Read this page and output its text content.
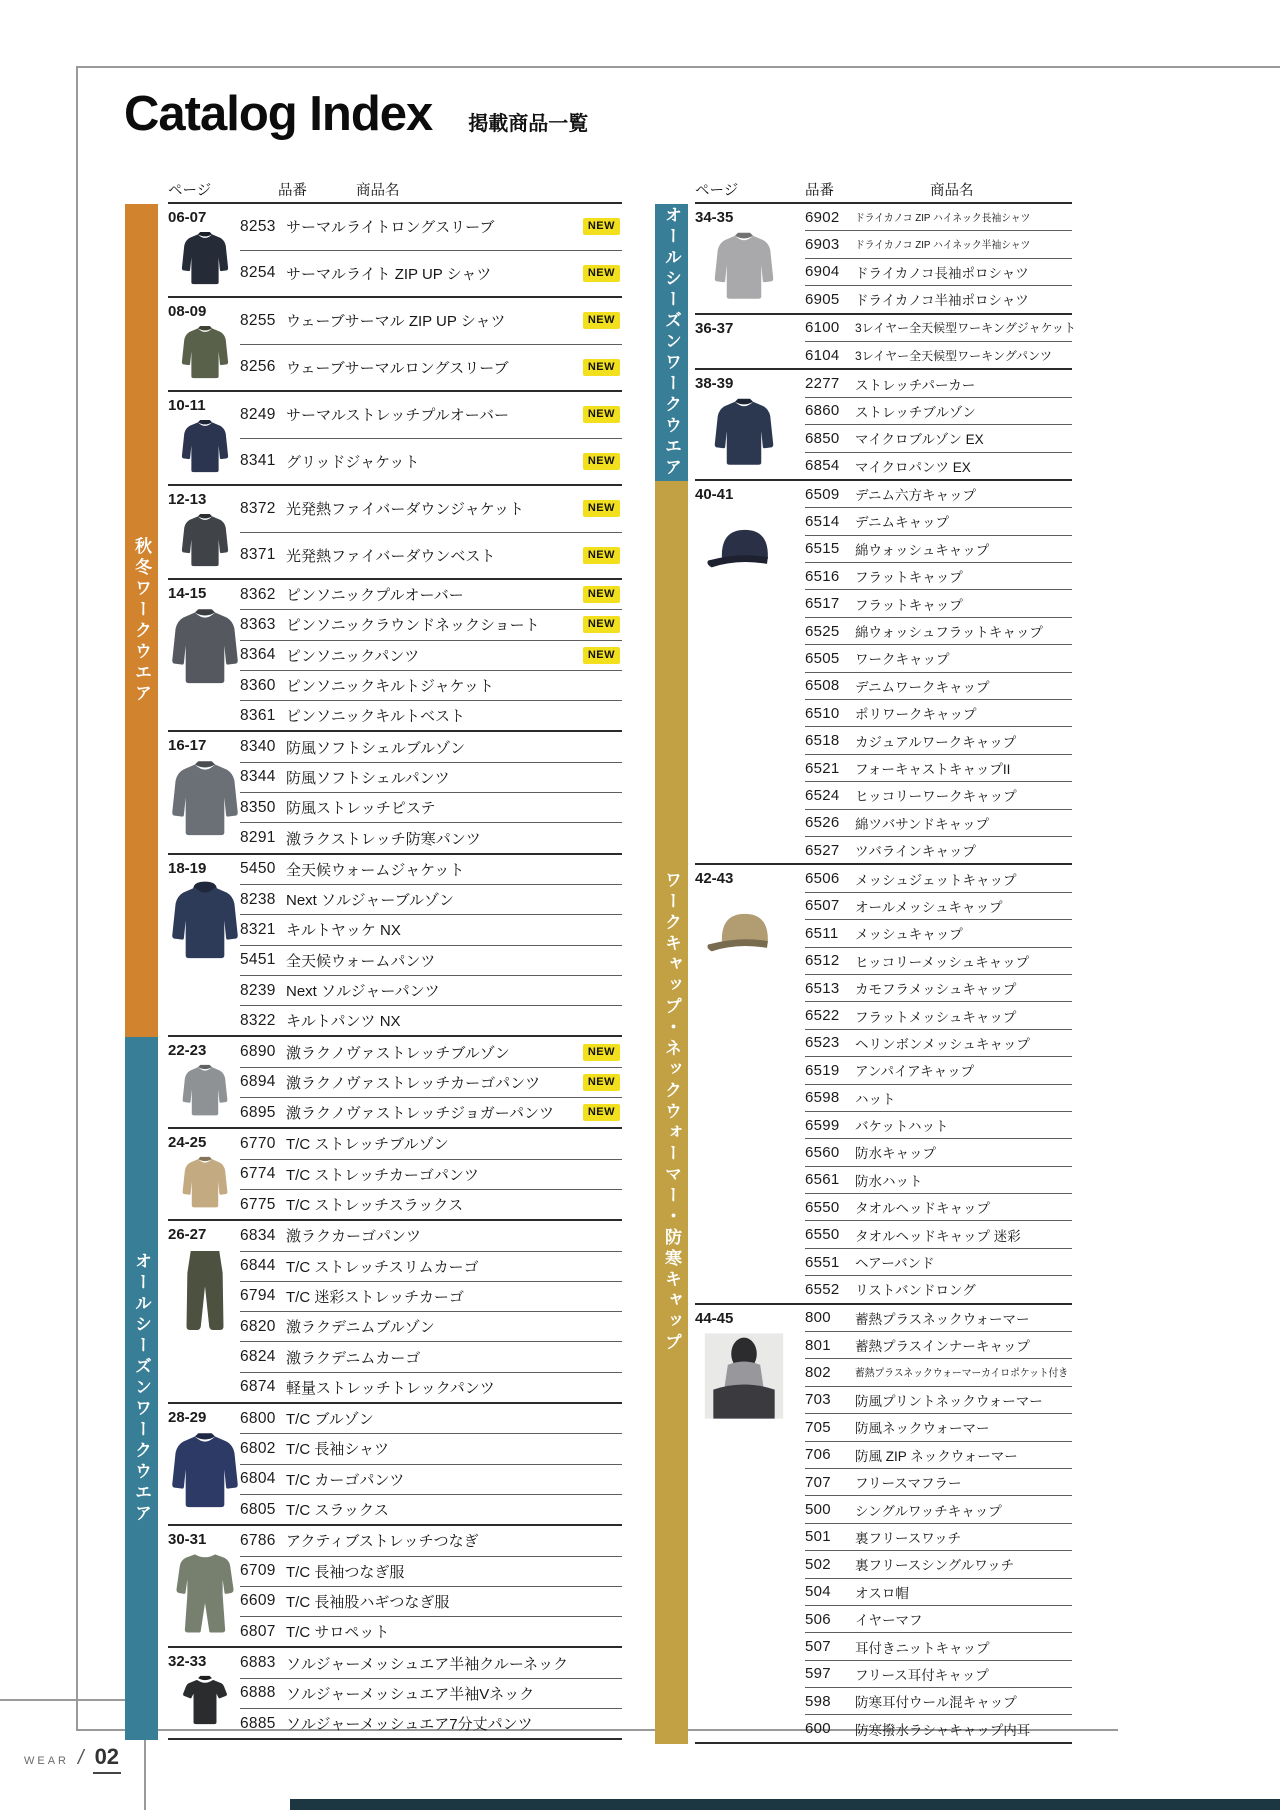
Catalog Index 掲載商品一覧
ページ	品番	商品名
06-07
8253 サーマルライトロングスリーブ	NEW
8254 サーマルライト ZIP UP シャツ	NEW
08-09
8255 ウェーブサーマル ZIP UP シャツ	NEW
8256 ウェーブサーマルロングスリーブ	NEW
10-11
8249 サーマルストレッチプルオーバー	NEW
8341 グリッドジャケット	NEW
12-13
8372 光発熱ファイバーダウンジャケット	NEW
8371 光発熱ファイバーダウンベスト	NEW
14-15	8362 ピンソニックプルオーバー	NEW
8363 ピンソニックラウンドネックショート	NEW
8364 ピンソニックパンツ	NEW
8360 ピンソニックキルトジャケット
8361 ピンソニックキルトベスト
16-17	8340 防風ソフトシェルブルゾン
8344 防風ソフトシェルパンツ
8350 防風ストレッチピステ
8291 激ラクストレッチ防寒パンツ
18-19	5450 全天候ウォームジャケット
8238 Next ソルジャーブルゾン
8321 キルトヤッケ NX
5451 全天候ウォームパンツ
8239 Next ソルジャーパンツ
8322 キルトパンツ NX
22-23	6890 激ラクノヴァストレッチブルゾン	NEW
6894 激ラクノヴァストレッチカーゴパンツ	NEW
6895 激ラクノヴァストレッチジョガーパンツ	NEW
24-25	6770 T/C ストレッチブルゾン
6774 T/C ストレッチカーゴパンツ
6775 T/C ストレッチスラックス
26-27	6834 激ラクカーゴパンツ
6844 T/C ストレッチスリムカーゴ
6794 T/C 迷彩ストレッチカーゴ
6820 激ラクデニムブルゾン
6824 激ラクデニムカーゴ
6874 軽量ストレッチトレックパンツ
28-29	6800 T/C ブルゾン
6802 T/C 長袖シャツ
6804 T/C カーゴパンツ
6805 T/C スラックス
30-31	6786 アクティブストレッチつなぎ
6709 T/C 長袖つなぎ服
6609 T/C 長袖股ハギつなぎ服
6807 T/C サロペット
32-33	6883 ソルジャーメッシュエア半袖クルーネック
6888 ソルジャーメッシュエア半袖Vネック
6885 ソルジャーメッシュエア7分丈パンツ
秋冬ワークウエア
オールシーズンワークウエア
ページ	品番	商品名
34-35	6902	ドライカノコ ZIP ハイネック長袖シャツ
6903	ドライカノコ ZIP ハイネック半袖シャツ
6904	ドライカノコ長袖ポロシャツ
6905	ドライカノコ半袖ポロシャツ
36-37	6100	3レイヤー全天候型ワーキングジャケット
6104	3レイヤー全天候型ワーキングパンツ
38-39	2277	ストレッチパーカー
6860	ストレッチブルゾン
6850	マイクロブルゾン EX
6854	マイクロパンツ EX
40-41	6509	デニム六方キャップ
6514	デニムキャップ
6515	綿ウォッシュキャップ
6516	フラットキャップ
6517	フラットキャップ
6525	綿ウォッシュフラットキャップ
6505	ワークキャップ
6508	デニムワークキャップ
6510	ポリワークキャップ
6518	カジュアルワークキャップ
6521	フォーキャストキャップII
6524	ヒッコリーワークキャップ
6526	綿ツバサンドキャップ
6527	ツバラインキャップ
42-43	6506	メッシュジェットキャップ
6507	オールメッシュキャップ
6511	メッシュキャップ
6512	ヒッコリーメッシュキャップ
6513	カモフラメッシュキャップ
6522	フラットメッシュキャップ
6523	ヘリンボンメッシュキャップ
6519	アンパイアキャップ
6598	ハット
6599	バケットハット
6560	防水キャップ
6561	防水ハット
6550	タオルヘッドキャップ
6550	タオルヘッドキャップ 迷彩
6551	ヘアーバンド
6552	リストバンドロング
44-45	800	蓄熱プラスネックウォーマー
801	蓄熱プラスインナーキャップ
802	蓄熱プラスネックウォーマーカイロポケット付き
703	防風プリントネックウォーマー
705	防風ネックウォーマー
706	防風 ZIP ネックウォーマー
707	フリースマフラー
500	シングルワッチキャップ
501	裏フリースワッチ
502	裏フリースシングルワッチ
504	オスロ帽
506	イヤーマフ
507	耳付きニットキャップ
597	フリース耳付キャップ
598	防寒耳付ウール混キャップ
600	防寒撥水ラシャキャップ内耳
オールシーズンワークウエア
ワークキャップ・ネックウォーマー・防寒キャップ
WEAR / 02
